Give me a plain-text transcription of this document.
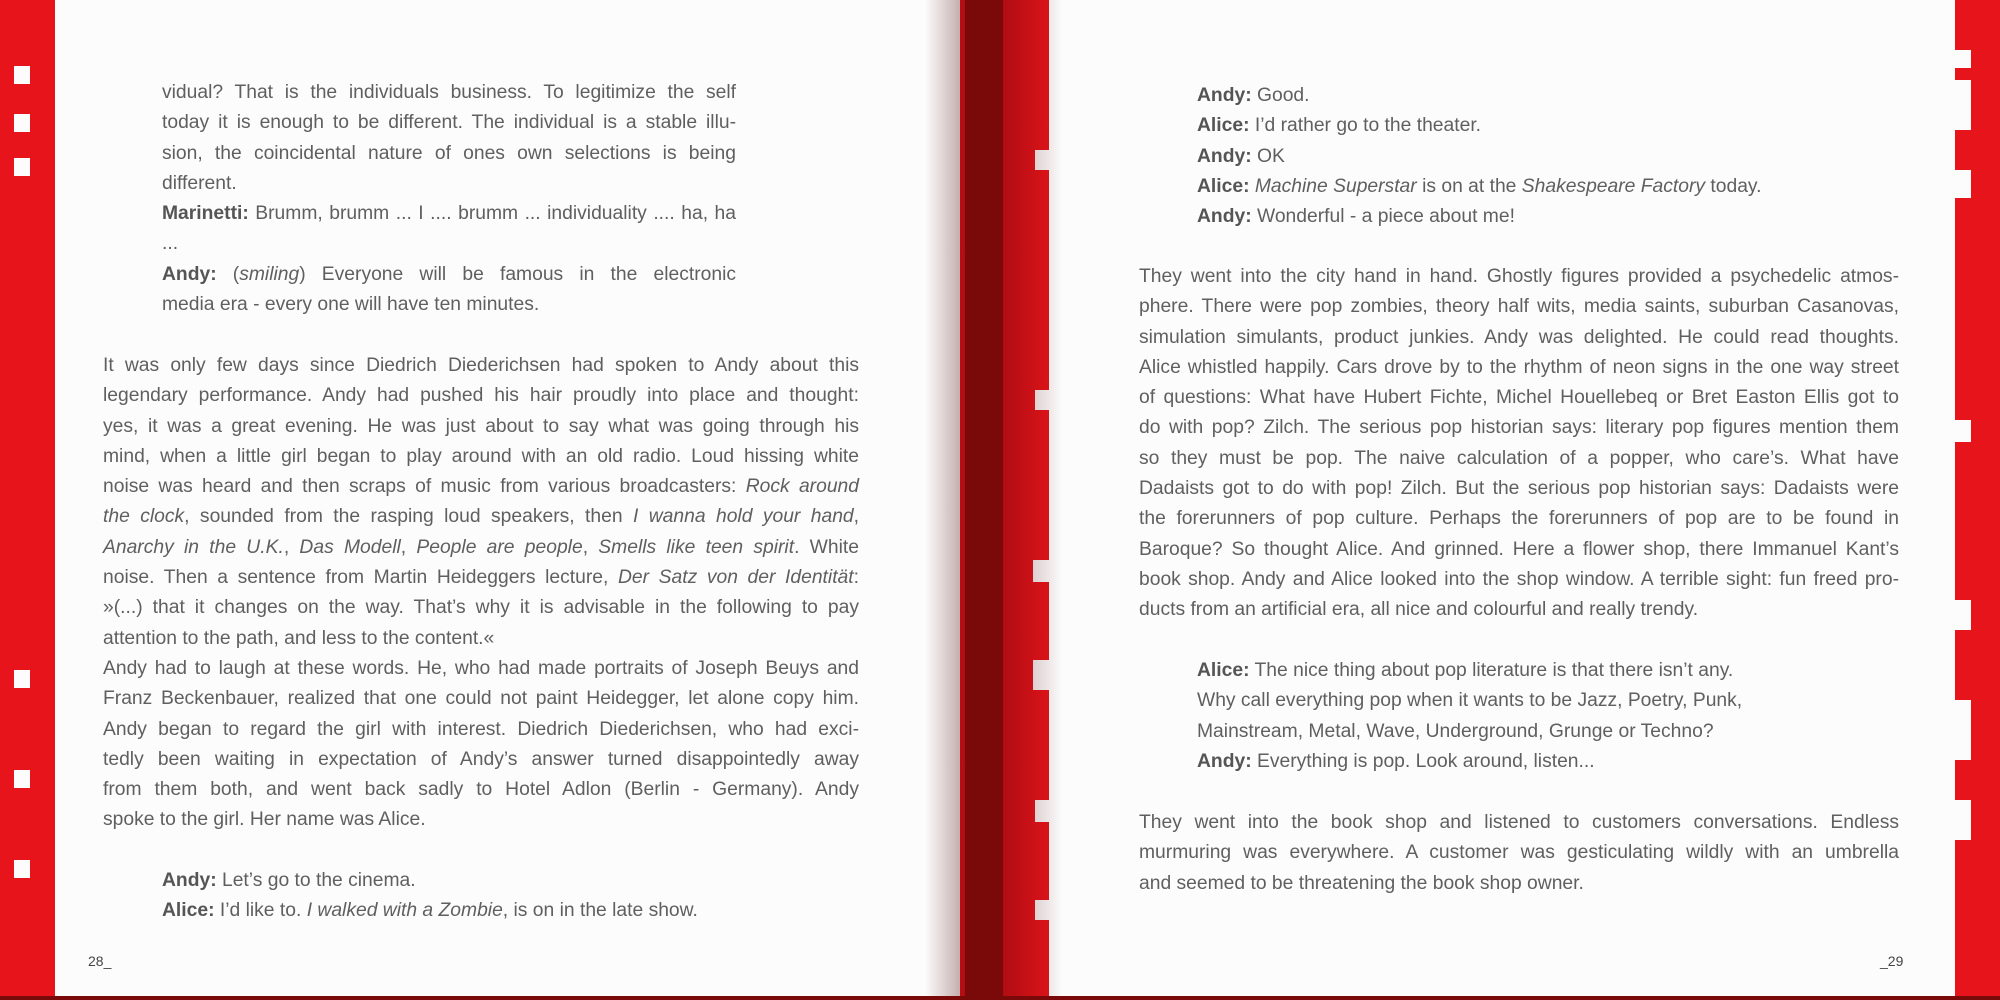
vidual? That is the individuals business. To legitimize the self
today it is enough to be different. The individual is a stable illu-
sion, the coincidental nature of ones own selections is being
different.
Marinetti: Brumm, brumm ... I .... brumm ... individuality .... ha, ha ...
Andy: (smiling) Everyone will be famous in the electronic
media era - every one will have ten minutes.
It was only few days since Diedrich Diederichsen had spoken to Andy about this
legendary performance. Andy had pushed his hair proudly into place and thought:
yes, it was a great evening. He was just about to say what was going through his
mind, when a little girl began to play around with an old radio. Loud hissing white
noise was heard and then scraps of music from various broadcasters: Rock around
the clock, sounded from the rasping loud speakers, then I wanna hold your hand,
Anarchy in the U.K., Das Modell, People are people, Smells like teen spirit. White
noise. Then a sentence from Martin Heideggers lecture, Der Satz von der Identität:
»(...) that it changes on the way. That’s why it is advisable in the following to pay
attention to the path, and less to the content.«
Andy had to laugh at these words. He, who had made portraits of Joseph Beuys and
Franz Beckenbauer, realized that one could not paint Heidegger, let alone copy him.
Andy began to regard the girl with interest. Diedrich Diederichsen, who had exci-
tedly been waiting in expectation of Andy’s answer turned disappointedly away
from them both, and went back sadly to Hotel Adlon (Berlin - Germany). Andy
spoke to the girl. Her name was Alice.
Andy: Let’s go to the cinema.
Alice: I’d like to. I walked with a Zombie, is on in the late show.
28_
Andy: Good.
Alice: I’d rather go to the theater.
Andy: OK
Alice: Machine Superstar is on at the Shakespeare Factory today.
Andy: Wonderful - a piece about me!
They went into the city hand in hand. Ghostly figures provided a psychedelic atmos-
phere. There were pop zombies, theory half wits, media saints, suburban Casanovas,
simulation simulants, product junkies. Andy was delighted. He could read thoughts.
Alice whistled happily. Cars drove by to the rhythm of neon signs in the one way street
of questions: What have Hubert Fichte, Michel Houellebeq or Bret Easton Ellis got to
do with pop? Zilch. The serious pop historian says: literary pop figures mention them
so they must be pop. The naive calculation of a popper, who care’s. What have
Dadaists got to do with pop! Zilch. But the serious pop historian says: Dadaists were
the forerunners of pop culture. Perhaps the forerunners of pop are to be found in
Baroque? So thought Alice. And grinned. Here a flower shop, there Immanuel Kant’s
book shop. Andy and Alice looked into the shop window. A terrible sight: fun freed pro-
ducts from an artificial era, all nice and colourful and really trendy.
Alice: The nice thing about pop literature is that there isn’t any.
Why call everything pop when it wants to be Jazz, Poetry, Punk,
Mainstream, Metal, Wave, Underground, Grunge or Techno?
Andy: Everything is pop. Look around, listen...
They went into the book shop and listened to customers conversations. Endless
murmuring was everywhere. A customer was gesticulating wildly with an umbrella
and seemed to be threatening the book shop owner.
_29
